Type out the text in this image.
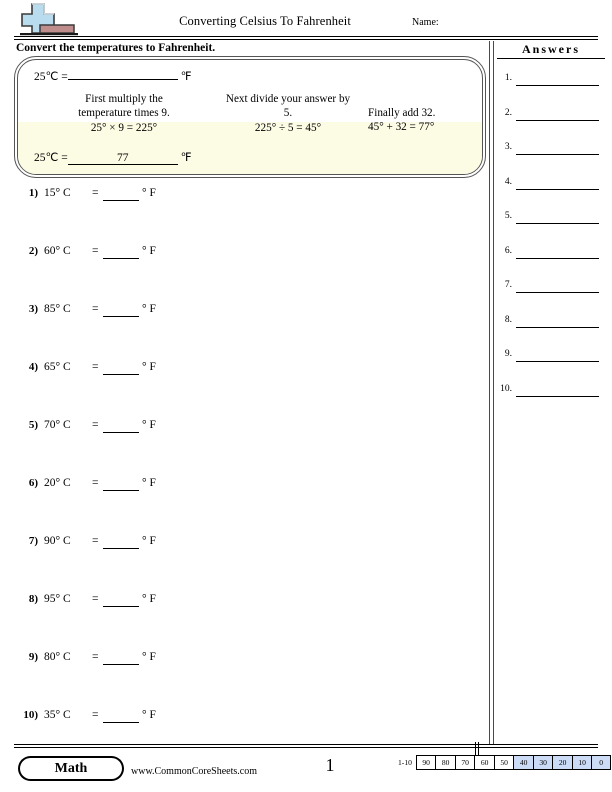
Converting Celsius To Fahrenheit	Name:
Convert the temperatures to Fahrenheit.
25℃ =	℉
First multiply the
temperature times 9.
25° × 9 = 225°
Next divide your answer by
5.
225° ÷ 5 = 45°
Finally add 32.
45° + 32 = 77°
25℃ =	77	℉
1) 15° C =	° F
2) 60° C =	° F
3) 85° C =	° F
4) 65° C =	° F
5) 70° C =	° F
6) 20° C =	° F
7) 90° C =	° F
8) 95° C =	° F
9) 80° C =	° F
10) 35° C =	° F
Answers
1.
2.
3.
4.
5.
6.
7.
8.
9.
10.
Math	www.CommonCoreSheets.com	1	1-10	90	80	70	60	50	40	30	20	10	0
